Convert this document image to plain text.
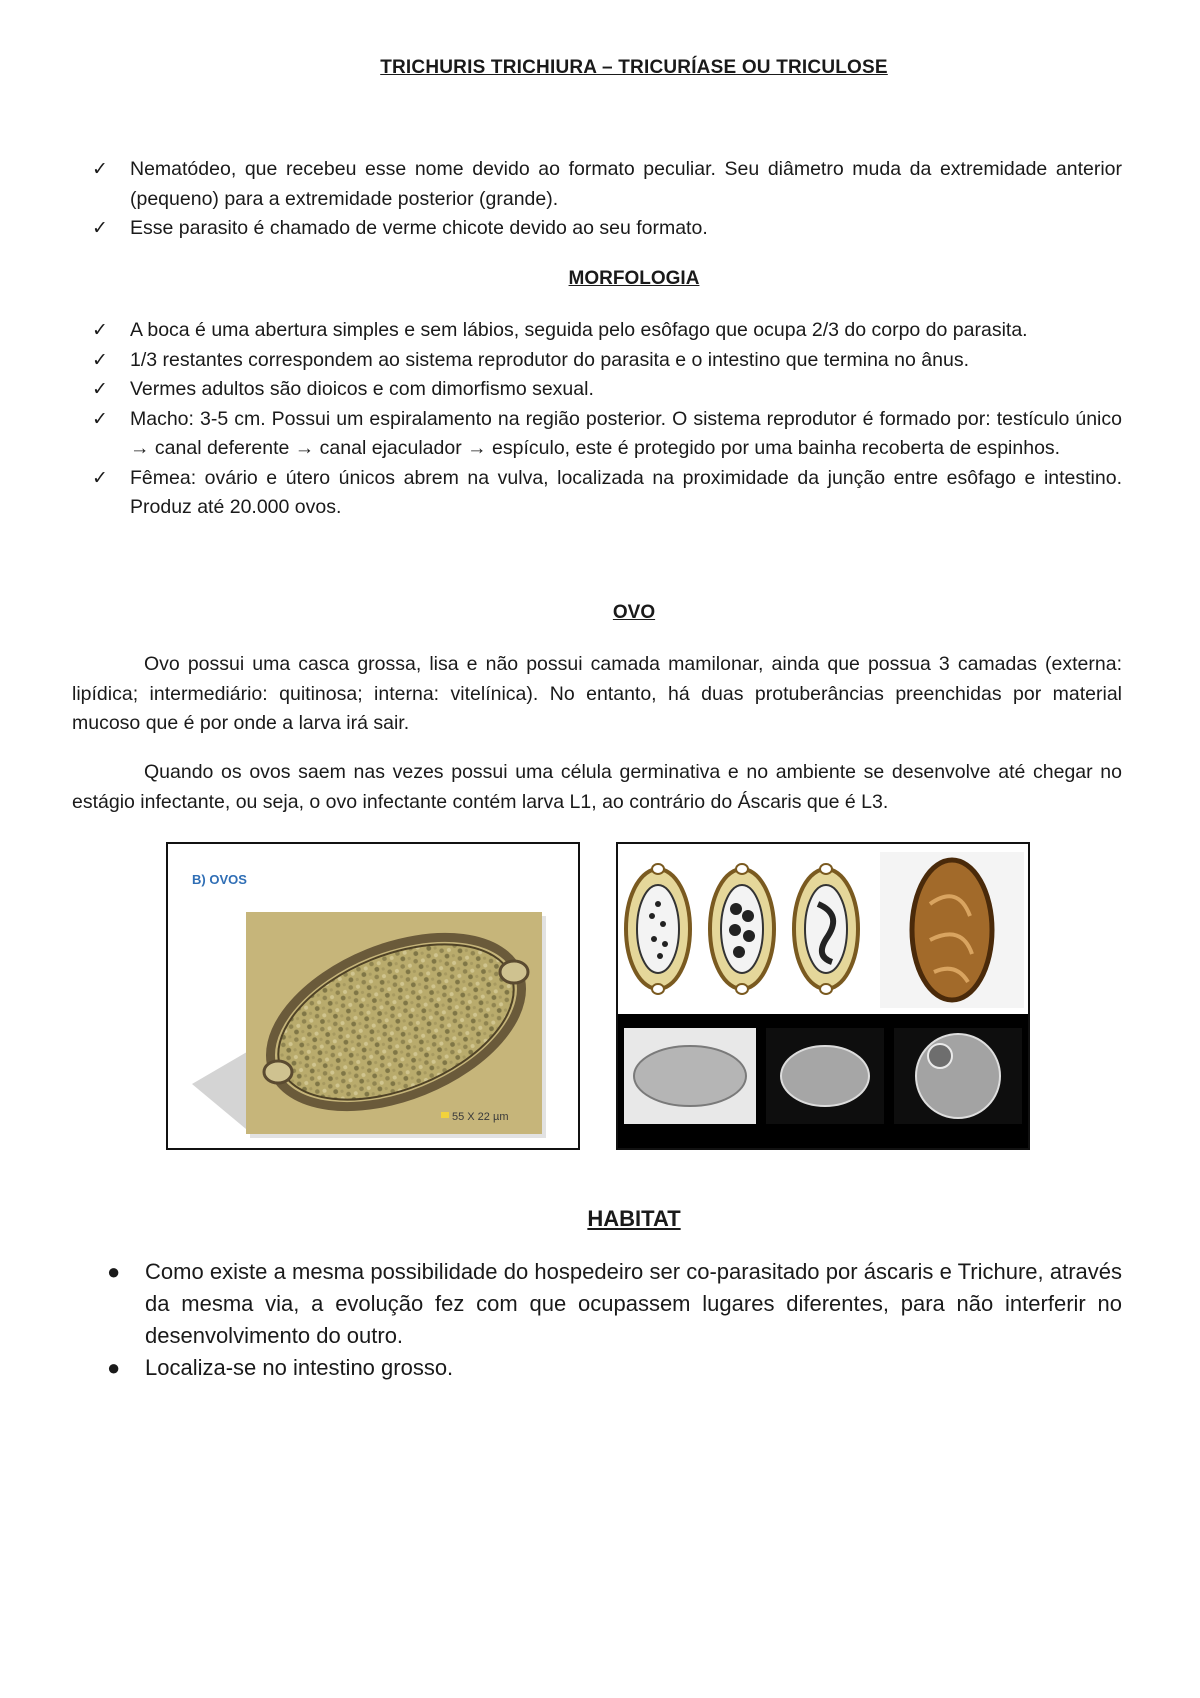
TRICHURIS TRICHIURA – TRICURÍASE OU TRICULOSE
✓ Nematódeo, que recebeu esse nome devido ao formato peculiar. Seu diâmetro muda da extremidade anterior (pequeno) para a extremidade posterior (grande).
✓ Esse parasito é chamado de verme chicote devido ao seu formato.
MORFOLOGIA
✓ A boca é uma abertura simples e sem lábios, seguida pelo esôfago que ocupa 2/3 do corpo do parasita.
✓ 1/3 restantes correspondem ao sistema reprodutor do parasita e o intestino que termina no ânus.
✓ Vermes adultos são dioicos e com dimorfismo sexual.
✓ Macho: 3-5 cm. Possui um espiralamento na região posterior. O sistema reprodutor é formado por: testículo único → canal deferente → canal ejaculador → espículo, este é protegido por uma bainha recoberta de espinhos.
✓ Fêmea: ovário e útero únicos abrem na vulva, localizada na proximidade da junção entre esôfago e intestino. Produz até 20.000 ovos.
OVO

Ovo possui uma casca grossa, lisa e não possui camada mamilonar, ainda que possua 3 camadas (externa: lipídica; intermediário: quitinosa; interna: vitelínica). No entanto, há duas protuberâncias preenchidas por material mucoso que é por onde a larva irá sair.

Quando os ovos saem nas vezes possui uma célula germinativa e no ambiente se desenvolve até chegar no estágio infectante, ou seja, o ovo infectante contém larva L1, ao contrário do Áscaris que é L3.

B) OVOS
55 X 22 µm
HABITAT
● Como existe a mesma possibilidade do hospedeiro ser co-parasitado por áscaris e Trichure, através da mesma via, a evolução fez com que ocupassem lugares diferentes, para não interferir no desenvolvimento do outro.
● Localiza-se no intestino grosso.
